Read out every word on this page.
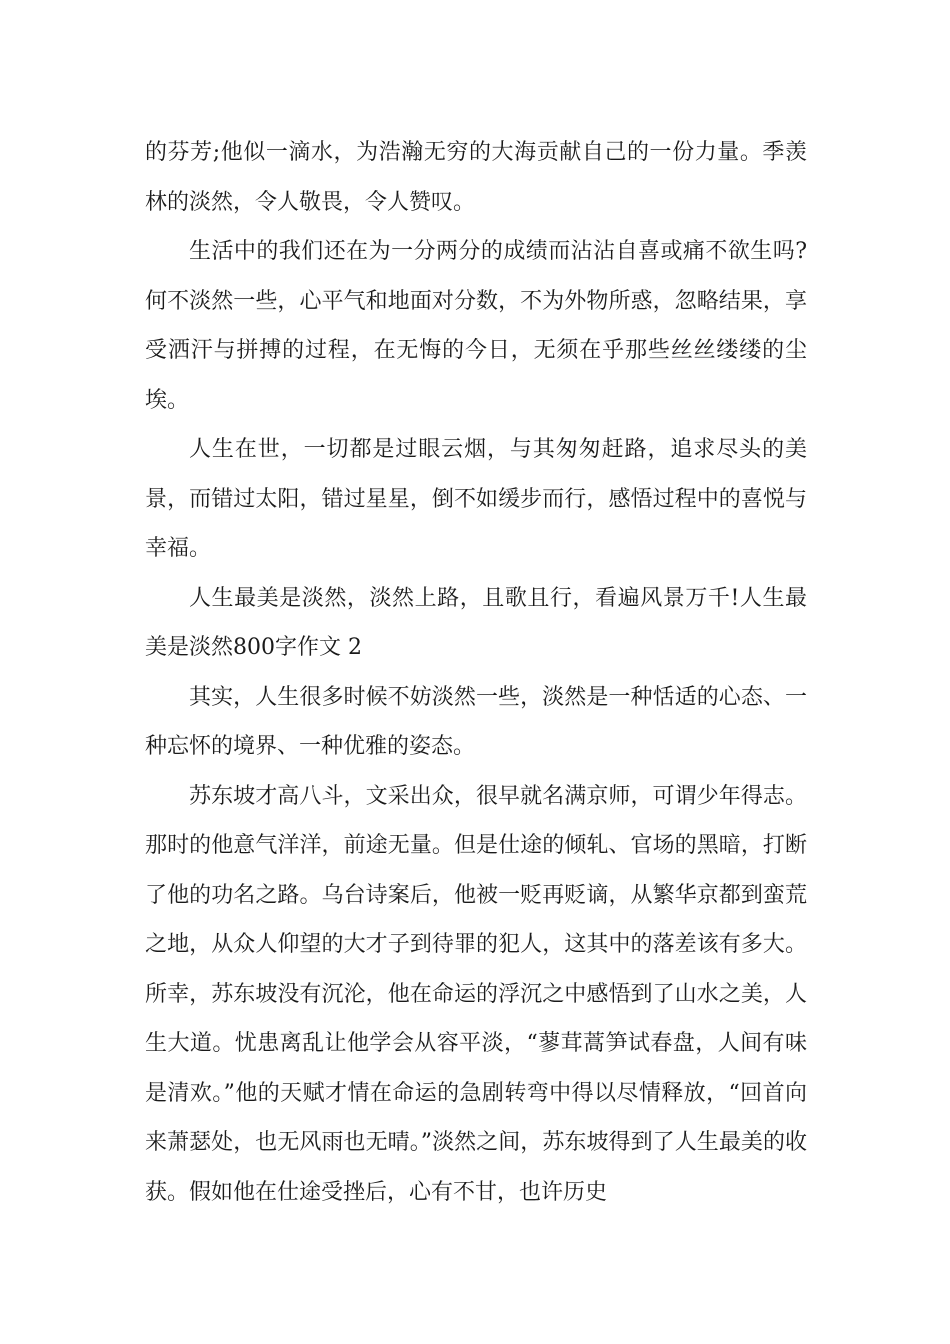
的芬芳;他似一滴水，为浩瀚无穷的大海贡献自己的一份力量。季羡林的淡然，令人敬畏，令人赞叹。

生活中的我们还在为一分两分的成绩而沾沾自喜或痛不欲生吗?何不淡然一些，心平气和地面对分数，不为外物所惑，忽略结果，享受洒汗与拼搏的过程，在无悔的今日，无须在乎那些丝丝缕缕的尘埃。

人生在世，一切都是过眼云烟，与其匆匆赶路，追求尽头的美景，而错过太阳，错过星星，倒不如缓步而行，感悟过程中的喜悦与幸福。

人生最美是淡然，淡然上路，且歌且行，看遍风景万千!人生最美是淡然800字作文 2

其实，人生很多时候不妨淡然一些，淡然是一种恬适的心态、一种忘怀的境界、一种优雅的姿态。

苏东坡才高八斗，文采出众，很早就名满京师，可谓少年得志。那时的他意气洋洋，前途无量。但是仕途的倾轧、官场的黑暗，打断了他的功名之路。乌台诗案后，他被一贬再贬谪，从繁华京都到蛮荒之地，从众人仰望的大才子到待罪的犯人，这其中的落差该有多大。所幸，苏东坡没有沉沦，他在命运的浮沉之中感悟到了山水之美，人生大道。忧患离乱让他学会从容平淡，“蓼茸蒿笋试春盘，人间有味是清欢。”他的天赋才情在命运的急剧转弯中得以尽情释放，“回首向来萧瑟处，也无风雨也无晴。”淡然之间，苏东坡得到了人生最美的收获。假如他在仕途受挫后，心有不甘，也许历史
